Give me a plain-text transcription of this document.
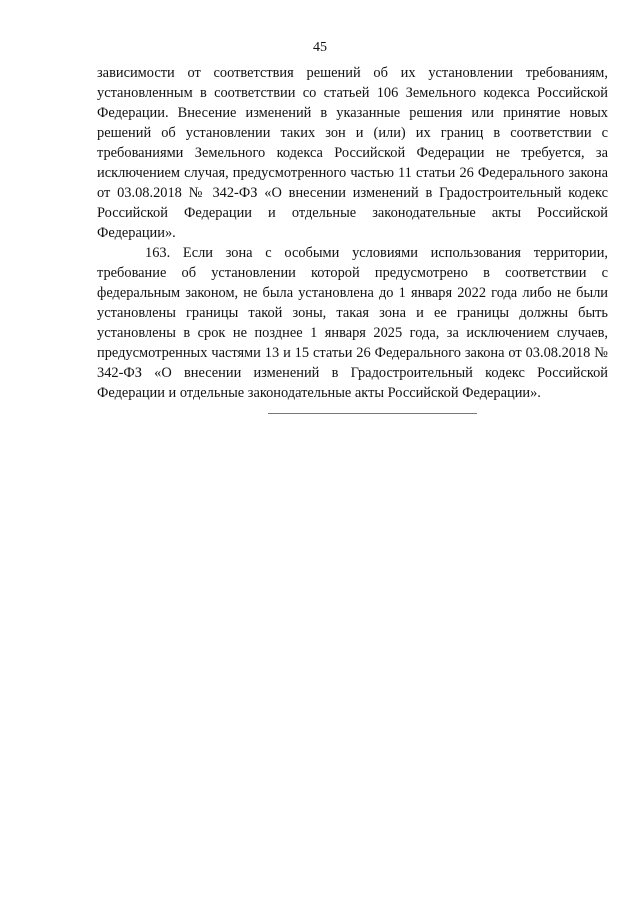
45

зависимости от соответствия решений об их установлении требованиям, установленным в соответствии со статьей 106 Земельного кодекса Российской Федерации. Внесение изменений в указанные решения или принятие новых решений об установлении таких зон и (или) их границ в соответствии с требованиями Земельного кодекса Российской Федерации не требуется, за исключением случая, предусмотренного частью 11 статьи 26 Федерального закона от 03.08.2018 № 342-ФЗ «О внесении изменений в Градостроительный кодекс Российской Федерации и отдельные законодательные акты Российской Федерации».

163. Если зона с особыми условиями использования территории, требование об установлении которой предусмотрено в соответствии с федеральным законом, не была установлена до 1 января 2022 года либо не были установлены границы такой зоны, такая зона и ее границы должны быть установлены в срок не позднее 1 января 2025 года, за исключением случаев, предусмотренных частями 13 и 15 статьи 26 Федерального закона от 03.08.2018 № 342-ФЗ «О внесении изменений в Градостроительный кодекс Российской Федерации и отдельные законодательные акты Российской Федерации».
